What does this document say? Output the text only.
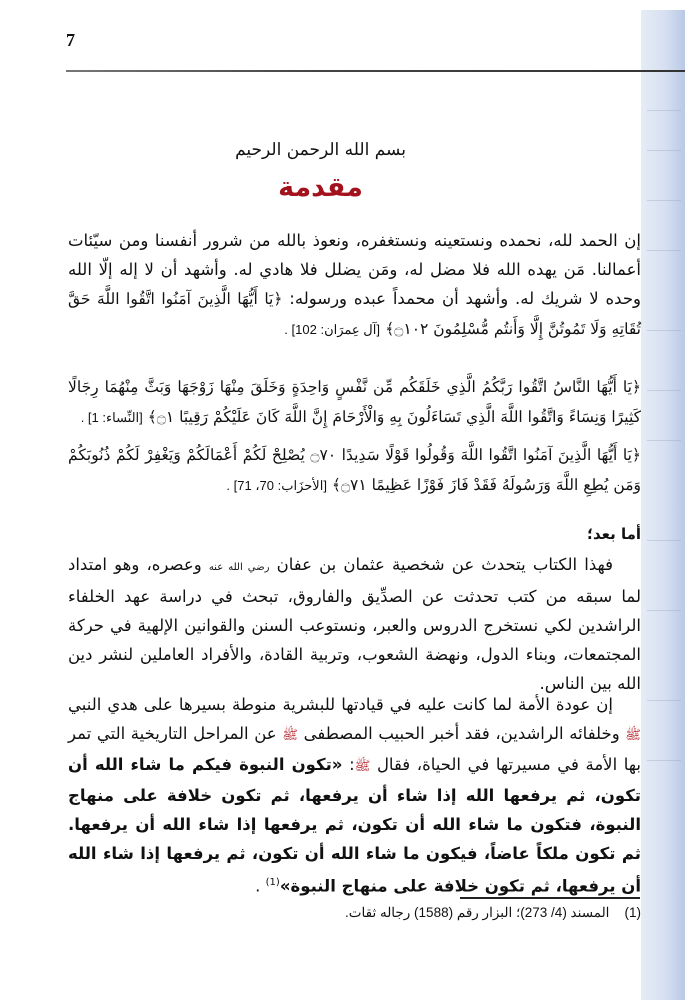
7
بسم الله الرحمن الرحيم
مقدمة

إن الحمد لله، نحمده ونستعينه ونستغفره، ونعوذ بالله من شرور أنفسنا ومن سيّئات أعمالنا. مَن يهده الله فلا مضل له، ومَن يضلل فلا هادي له. وأشهد أن لا إله إلّا الله وحده لا شريك له. وأشهد أن محمداً عبده ورسوله: ﴿يَا أَيُّهَا الَّذِينَ آمَنُوا اتَّقُوا اللَّهَ حَقَّ تُقَاتِهِ وَلَا تَمُوتُنَّ إِلَّا وَأَنتُم مُّسْلِمُونَ ۝١٠٢﴾ [آل عِمرَان: 102] .

﴿يَا أَيُّهَا النَّاسُ اتَّقُوا رَبَّكُمُ الَّذِي خَلَقَكُم مِّن نَّفْسٍ وَاحِدَةٍ وَخَلَقَ مِنْهَا زَوْجَهَا وَبَثَّ مِنْهُمَا رِجَالًا كَثِيرًا وَنِسَاءً وَاتَّقُوا اللَّهَ الَّذِي تَسَاءَلُونَ بِهِ وَالْأَرْحَامَ إِنَّ اللَّهَ كَانَ عَلَيْكُمْ رَقِيبًا ۝١﴾ [النِّساء: 1] .

﴿يَا أَيُّهَا الَّذِينَ آمَنُوا اتَّقُوا اللَّهَ وَقُولُوا قَوْلًا سَدِيدًا ۝٧٠ يُصْلِحْ لَكُمْ أَعْمَالَكُمْ وَيَغْفِرْ لَكُمْ ذُنُوبَكُمْ وَمَن يُطِعِ اللَّهَ وَرَسُولَهُ فَقَدْ فَازَ فَوْزًا عَظِيمًا ۝٧١﴾ [الأحزَاب: 70، 71] .

أما بعد؛

فهذا الكتاب يتحدث عن شخصية عثمان بن عفان رضي الله عنه وعصره، وهو امتداد لما سبقه من كتب تحدثت عن الصدِّيق والفاروق، تبحث في دراسة عهد الخلفاء الراشدين لكي نستخرج الدروس والعبر، ونستوعب السنن والقوانين الإلهية في حركة المجتمعات، وبناء الدول، ونهضة الشعوب، وتربية القادة، والأفراد العاملين لنشر دين الله بين الناس.

إن عودة الأمة لما كانت عليه في قيادتها للبشرية منوطة بسيرها على هدي النبي ﷺ وخلفائه الراشدين، فقد أخبر الحبيب المصطفى ﷺ عن المراحل التاريخية التي تمر بها الأمة في مسيرتها في الحياة، فقال ﷺ: «تكون النبوة فيكم ما شاء الله أن تكون، ثم يرفعها الله إذا شاء أن يرفعها، ثم تكون خلافة على منهاج النبوة، فتكون ما شاء الله أن تكون، ثم يرفعها إذا شاء الله أن يرفعها. ثم تكون ملكاً عاضاً، فيكون ما شاء الله أن تكون، ثم يرفعها إذا شاء الله أن يرفعها، ثم تكون خلافة على منهاج النبوة»$^{(1)}$ .

(1)    المسند (4/ 273)؛ البزار رقم (1588) رجاله ثقات.
